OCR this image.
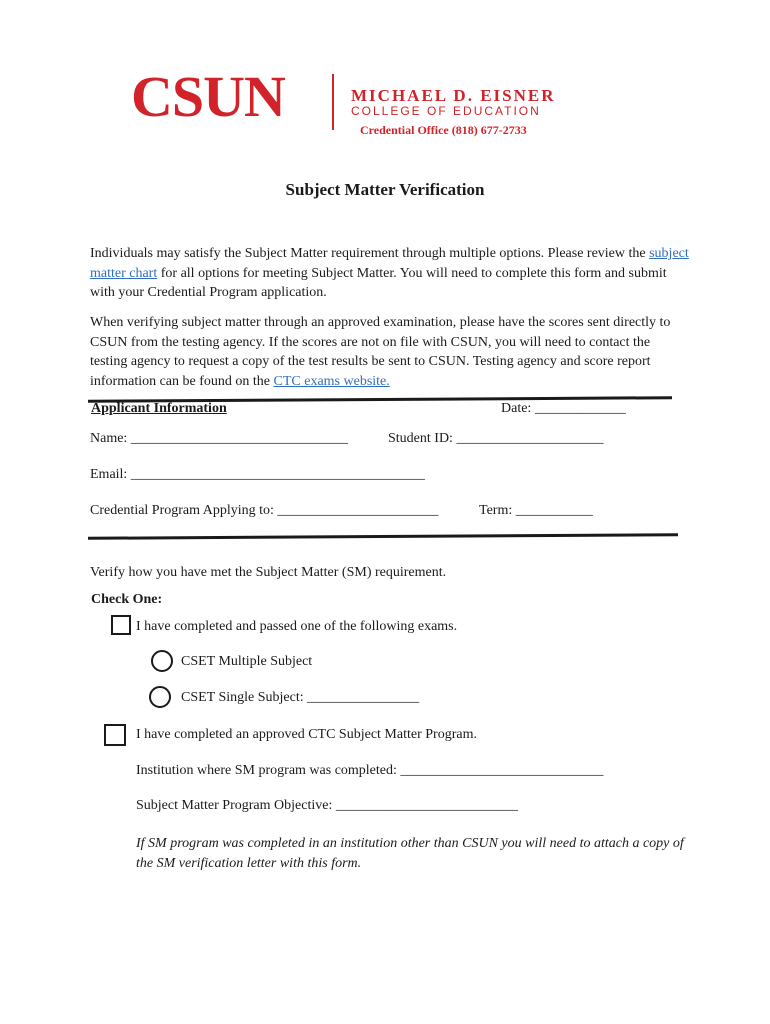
CSUN	MICHAEL D. EISNER
COLLEGE OF EDUCATION
Credential Office (818) 677-2733
Subject Matter Verification
Individuals may satisfy the Subject Matter requirement through multiple options. Please review the subject matter chart for all options for meeting Subject Matter. You will need to complete this form and submit with your Credential Program application.
When verifying subject matter through an approved examination, please have the scores sent directly to CSUN from the testing agency. If the scores are not on file with CSUN, you will need to contact the testing agency to request a copy of the test results be sent to CSUN. Testing agency and score report information can be found on the CTC exams website.
Applicant Information	Date: _____________
Name: _______________________________	Student ID: _____________________
Email: __________________________________________
Credential Program Applying to: _______________________	Term: ___________
Verify how you have met the Subject Matter (SM) requirement.
Check One:
I have completed and passed one of the following exams.
CSET Multiple Subject
CSET Single Subject: ________________
I have completed an approved CTC Subject Matter Program.
Institution where SM program was completed: _____________________________
Subject Matter Program Objective: __________________________
If SM program was completed in an institution other than CSUN you will need to attach a copy of the SM verification letter with this form.
